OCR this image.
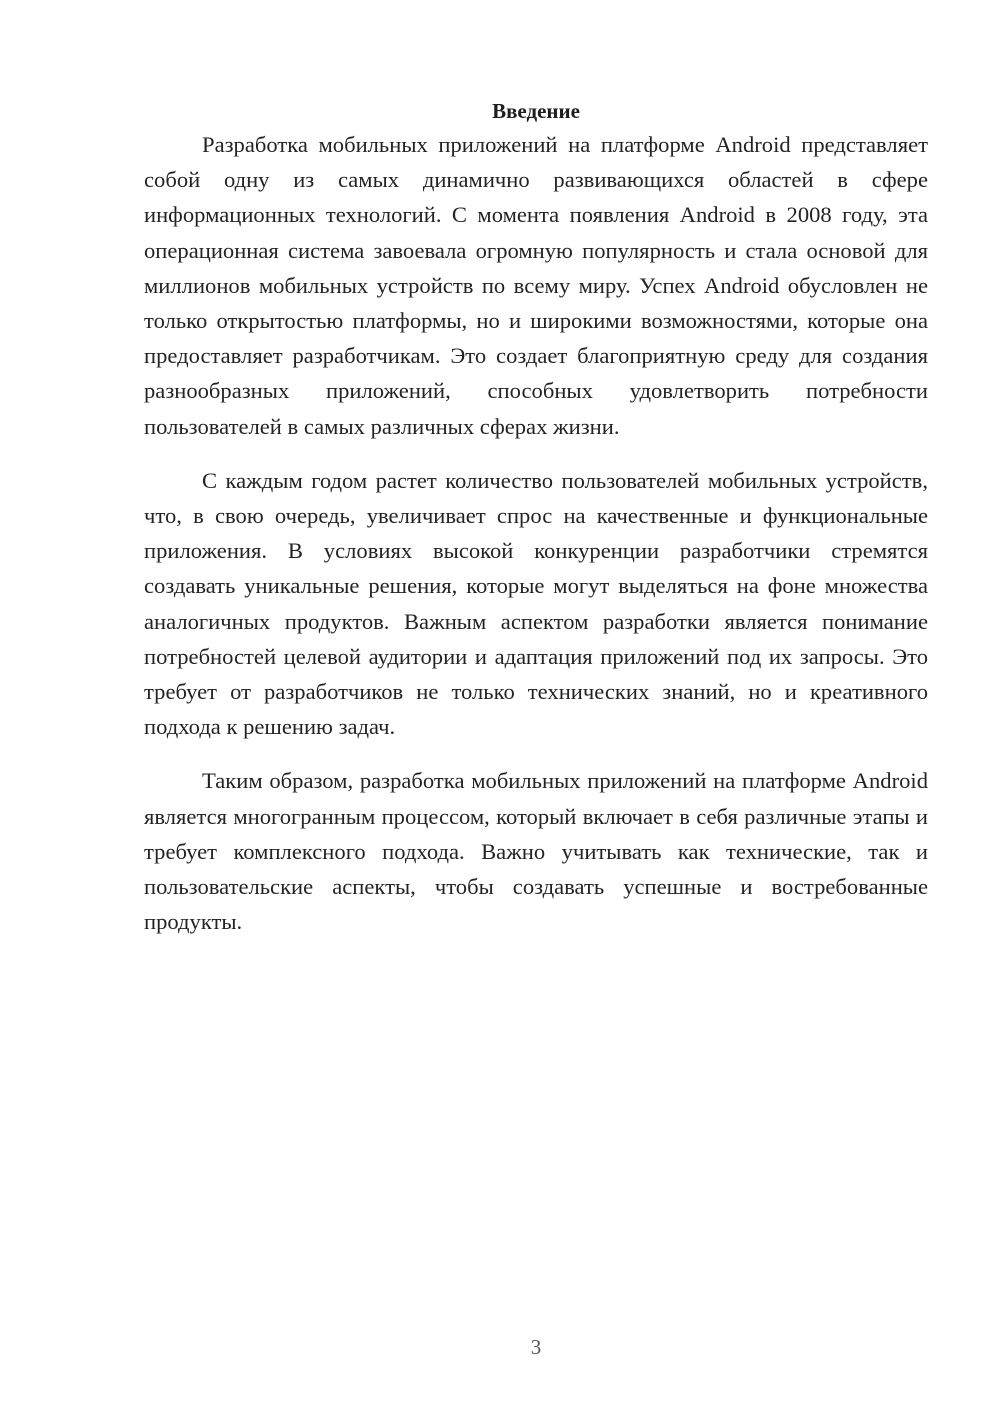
Введение

Разработка мобильных приложений на платформе Android представляет собой одну из самых динамично развивающихся областей в сфере информационных технологий. С момента появления Android в 2008 году, эта операционная система завоевала огромную популярность и стала основой для миллионов мобильных устройств по всему миру. Успех Android обусловлен не только открытостью платформы, но и широкими возможностями, которые она предоставляет разработчикам. Это создает благоприятную среду для создания разнообразных приложений, способных удовлетворить потребности пользователей в самых различных сферах жизни.

С каждым годом растет количество пользователей мобильных устройств, что, в свою очередь, увеличивает спрос на качественные и функциональные приложения. В условиях высокой конкуренции разработчики стремятся создавать уникальные решения, которые могут выделяться на фоне множества аналогичных продуктов. Важным аспектом разработки является понимание потребностей целевой аудитории и адаптация приложений под их запросы. Это требует от разработчиков не только технических знаний, но и креативного подхода к решению задач.

Таким образом, разработка мобильных приложений на платформе Android является многогранным процессом, который включает в себя различные этапы и требует комплексного подхода. Важно учитывать как технические, так и пользовательские аспекты, чтобы создавать успешные и востребованные продукты.

3
